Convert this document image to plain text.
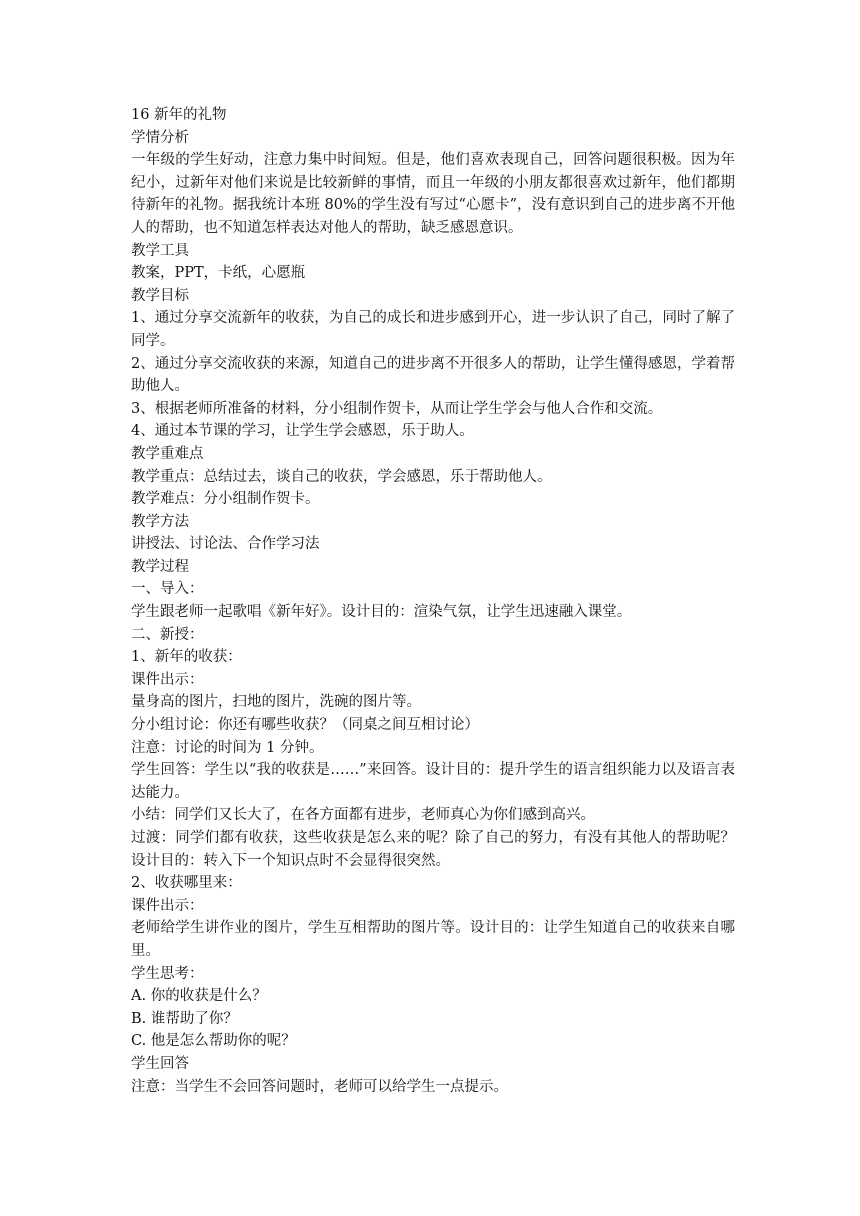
16 新年的礼物
学情分析
一年级的学生好动，注意力集中时间短。但是，他们喜欢表现自己，回答问题很积极。因为年纪小，过新年对他们来说是比较新鲜的事情，而且一年级的小朋友都很喜欢过新年，他们都期待新年的礼物。据我统计本班 80%的学生没有写过“心愿卡”，没有意识到自己的进步离不开他人的帮助，也不知道怎样表达对他人的帮助，缺乏感恩意识。
教学工具
教案，PPT，卡纸，心愿瓶
教学目标
1、通过分享交流新年的收获，为自己的成长和进步感到开心，进一步认识了自己，同时了解了同学。
2、通过分享交流收获的来源，知道自己的进步离不开很多人的帮助，让学生懂得感恩，学着帮助他人。
3、根据老师所准备的材料，分小组制作贺卡，从而让学生学会与他人合作和交流。
4、通过本节课的学习，让学生学会感恩，乐于助人。
教学重难点
教学重点：总结过去，谈自己的收获，学会感恩，乐于帮助他人。
教学难点：分小组制作贺卡。
教学方法
讲授法、讨论法、合作学习法
教学过程
一、导入：
学生跟老师一起歌唱《新年好》。设计目的：渲染气氛，让学生迅速融入课堂。
二、新授：
1、新年的收获：
课件出示：
量身高的图片，扫地的图片，洗碗的图片等。
分小组讨论：你还有哪些收获？（同桌之间互相讨论）
注意：讨论的时间为 1 分钟。
学生回答：学生以“我的收获是……”来回答。设计目的：提升学生的语言组织能力以及语言表达能力。
小结：同学们又长大了，在各方面都有进步，老师真心为你们感到高兴。
过渡：同学们都有收获，这些收获是怎么来的呢？除了自己的努力，有没有其他人的帮助呢？设计目的：转入下一个知识点时不会显得很突然。
2、收获哪里来：
课件出示：
老师给学生讲作业的图片，学生互相帮助的图片等。设计目的：让学生知道自己的收获来自哪里。
学生思考：
A. 你的收获是什么？
B. 谁帮助了你？
C. 他是怎么帮助你的呢？
学生回答
注意：当学生不会回答问题时，老师可以给学生一点提示。
